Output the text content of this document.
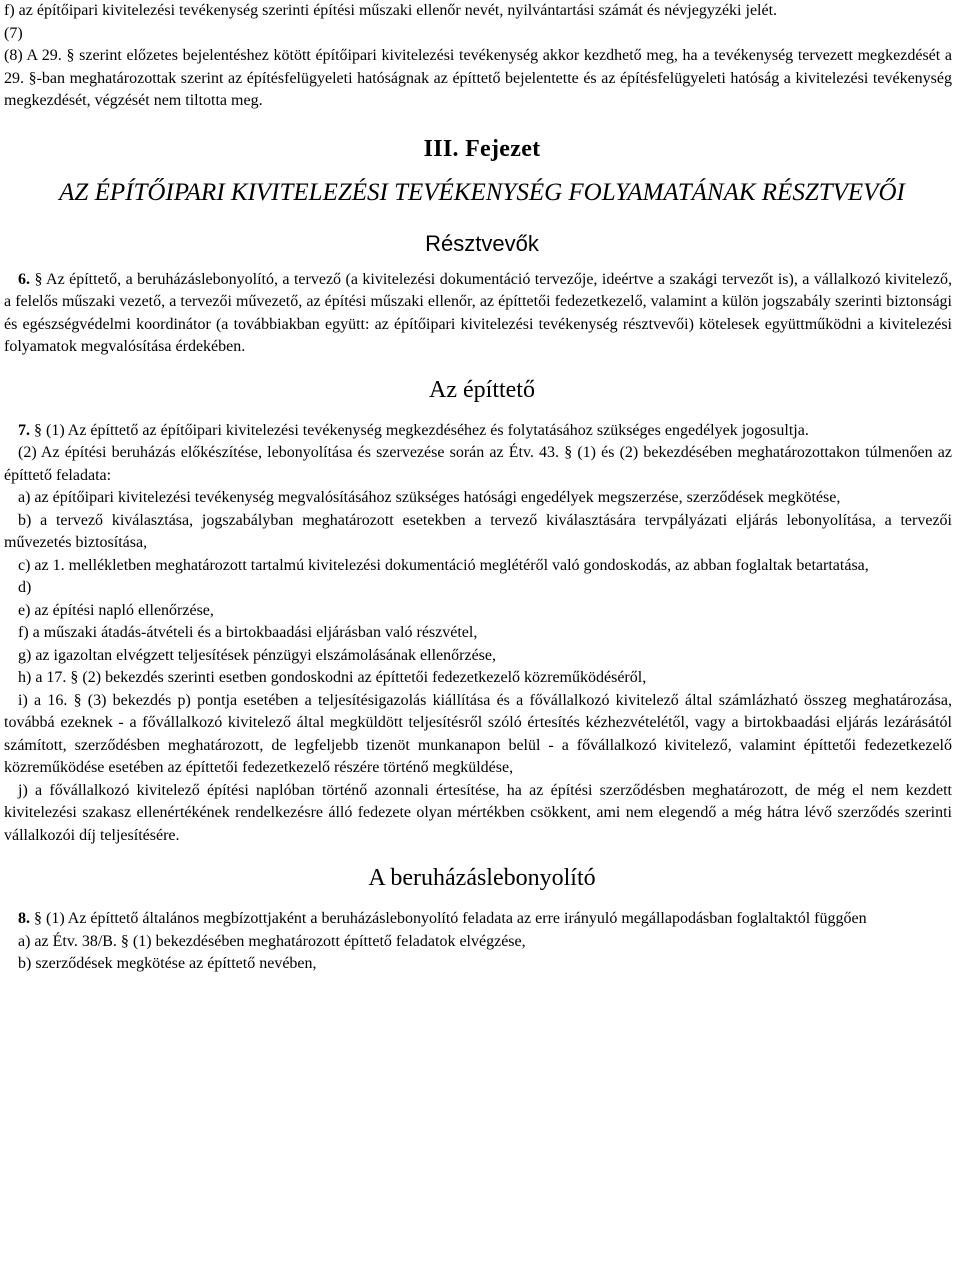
f) az építőipari kivitelezési tevékenység szerinti építési műszaki ellenőr nevét, nyilvántartási számát és névjegyzéki jelét.

(7)

(8) A 29. § szerint előzetes bejelentéshez kötött építőipari kivitelezési tevékenység akkor kezdhető meg, ha a tevékenység tervezett megkezdését a 29. §-ban meghatározottak szerint az építésfelügyeleti hatóságnak az építtető bejelentette és az építésfelügyeleti hatóság a kivitelezési tevékenység megkezdését, végzését nem tiltotta meg.

III. Fejezet
AZ ÉPÍTŐIPARI KIVITELEZÉSI TEVÉKENYSÉG FOLYAMATÁNAK RÉSZTVEVŐI
Résztvevők

6. § Az építtető, a beruházáslebonyolító, a tervező (a kivitelezési dokumentáció tervezője, ideértve a szakági tervezőt is), a vállalkozó kivitelező, a felelős műszaki vezető, a tervezői művezető, az építési műszaki ellenőr, az építtetői fedezetkezelő, valamint a külön jogszabály szerinti biztonsági és egészségvédelmi koordinátor (a továbbiakban együtt: az építőipari kivitelezési tevékenység résztvevői) kötelesek együttműködni a kivitelezési folyamatok megvalósítása érdekében.

Az építtető

7. § (1) Az építtető az építőipari kivitelezési tevékenység megkezdéséhez és folytatásához szükséges engedélyek jogosultja.

(2) Az építési beruházás előkészítése, lebonyolítása és szervezése során az Étv. 43. § (1) és (2) bekezdésében meghatározottakon túlmenően az építtető feladata:

a) az építőipari kivitelezési tevékenység megvalósításához szükséges hatósági engedélyek megszerzése, szerződések megkötése,

b) a tervező kiválasztása, jogszabályban meghatározott esetekben a tervező kiválasztására tervpályázati eljárás lebonyolítása, a tervezői művezetés biztosítása,

c) az 1. mellékletben meghatározott tartalmú kivitelezési dokumentáció meglétéről való gondoskodás, az abban foglaltak betartatása,

d)

e) az építési napló ellenőrzése,

f) a műszaki átadás-átvételi és a birtokbaadási eljárásban való részvétel,

g) az igazoltan elvégzett teljesítések pénzügyi elszámolásának ellenőrzése,

h) a 17. § (2) bekezdés szerinti esetben gondoskodni az építtetői fedezetkezelő közreműködéséről,

i) a 16. § (3) bekezdés p) pontja esetében a teljesítésigazolás kiállítása és a fővállalkozó kivitelező által számlázható összeg meghatározása, továbbá ezeknek - a fővállalkozó kivitelező által megküldött teljesítésről szóló értesítés kézhezvételétől, vagy a birtokbaadási eljárás lezárásától számított, szerződésben meghatározott, de legfeljebb tizenöt munkanapon belül - a fővállalkozó kivitelező, valamint építtetői fedezetkezelő közreműködése esetében az építtetői fedezetkezelő részére történő megküldése,

j) a fővállalkozó kivitelező építési naplóban történő azonnali értesítése, ha az építési szerződésben meghatározott, de még el nem kezdett kivitelezési szakasz ellenértékének rendelkezésre álló fedezete olyan mértékben csökkent, ami nem elegendő a még hátra lévő szerződés szerinti vállalkozói díj teljesítésére.

A beruházáslebonyolító

8. § (1) Az építtető általános megbízottjaként a beruházáslebonyolító feladata az erre irányuló megállapodásban foglaltaktól függően

a) az Étv. 38/B. § (1) bekezdésében meghatározott építtető feladatok elvégzése,

b) szerződések megkötése az építtető nevében,
